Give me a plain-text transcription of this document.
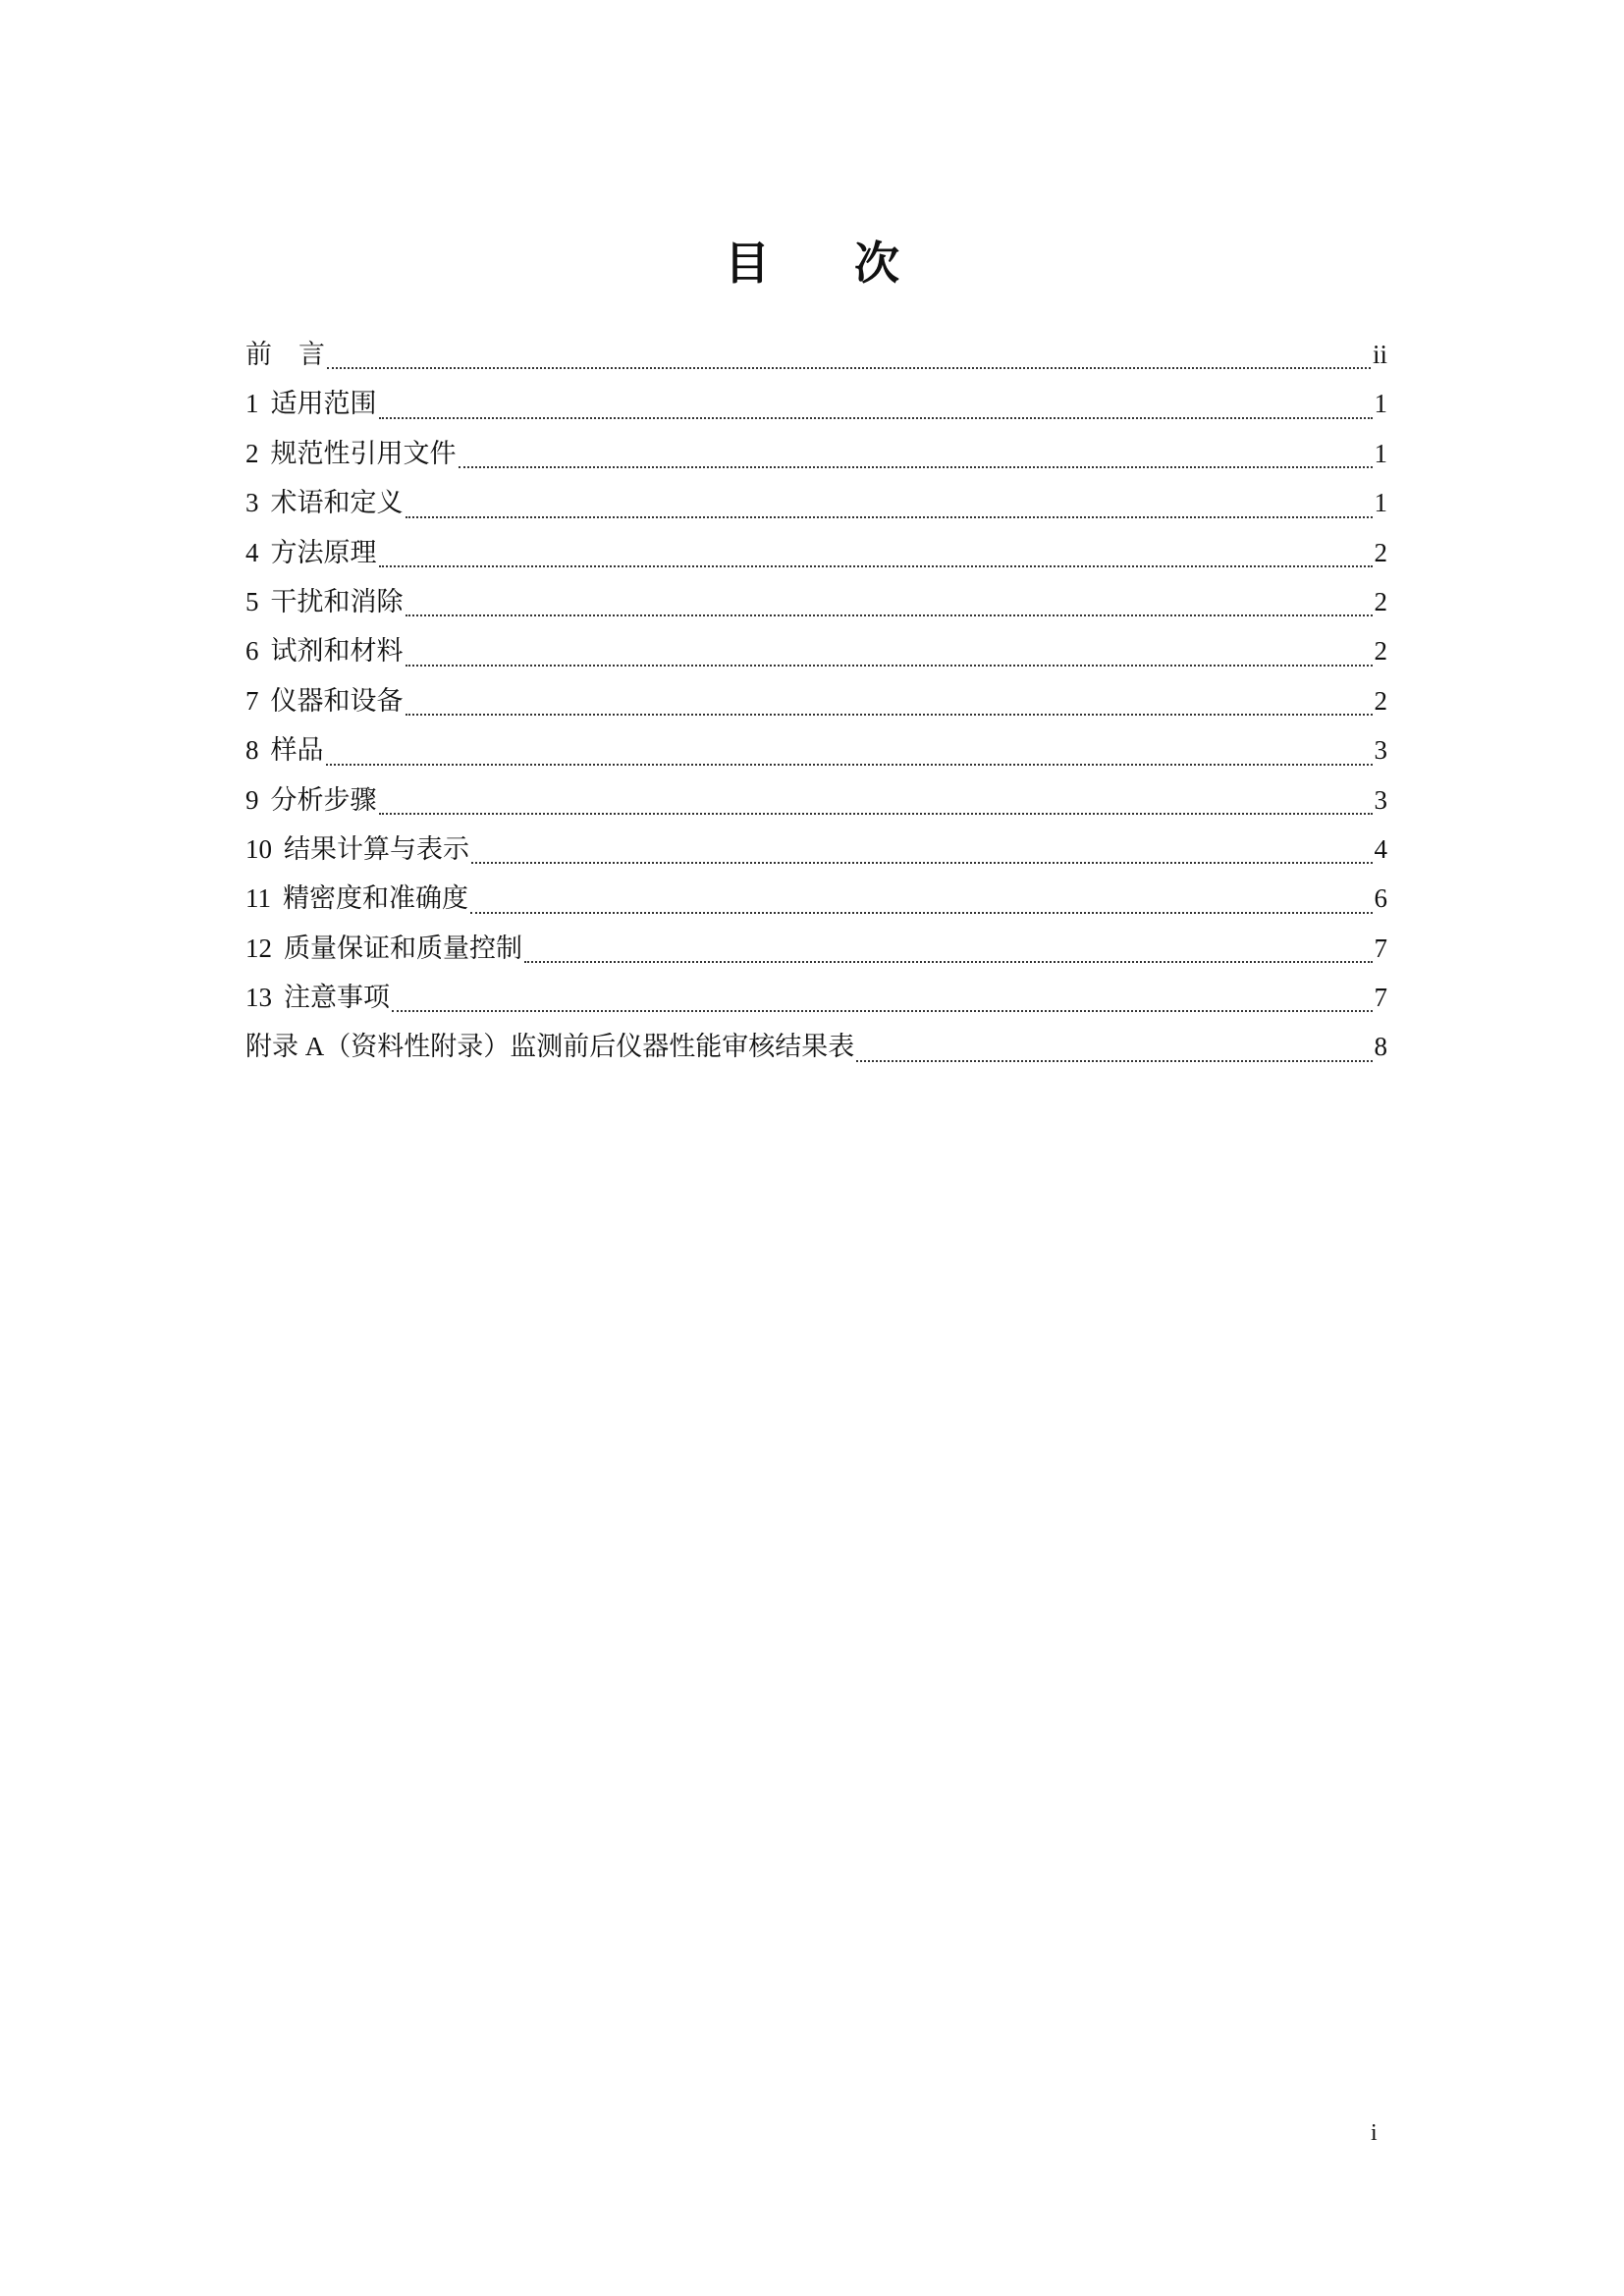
目 次
前　言	ii
1 适用范围	1
2 规范性引用文件	1
3 术语和定义	1
4 方法原理	2
5 干扰和消除	2
6 试剂和材料	2
7 仪器和设备	2
8 样品	3
9 分析步骤	3
10 结果计算与表示	4
11 精密度和准确度	6
12 质量保证和质量控制	7
13 注意事项	7
附录 A（资料性附录）监测前后仪器性能审核结果表	8
i
